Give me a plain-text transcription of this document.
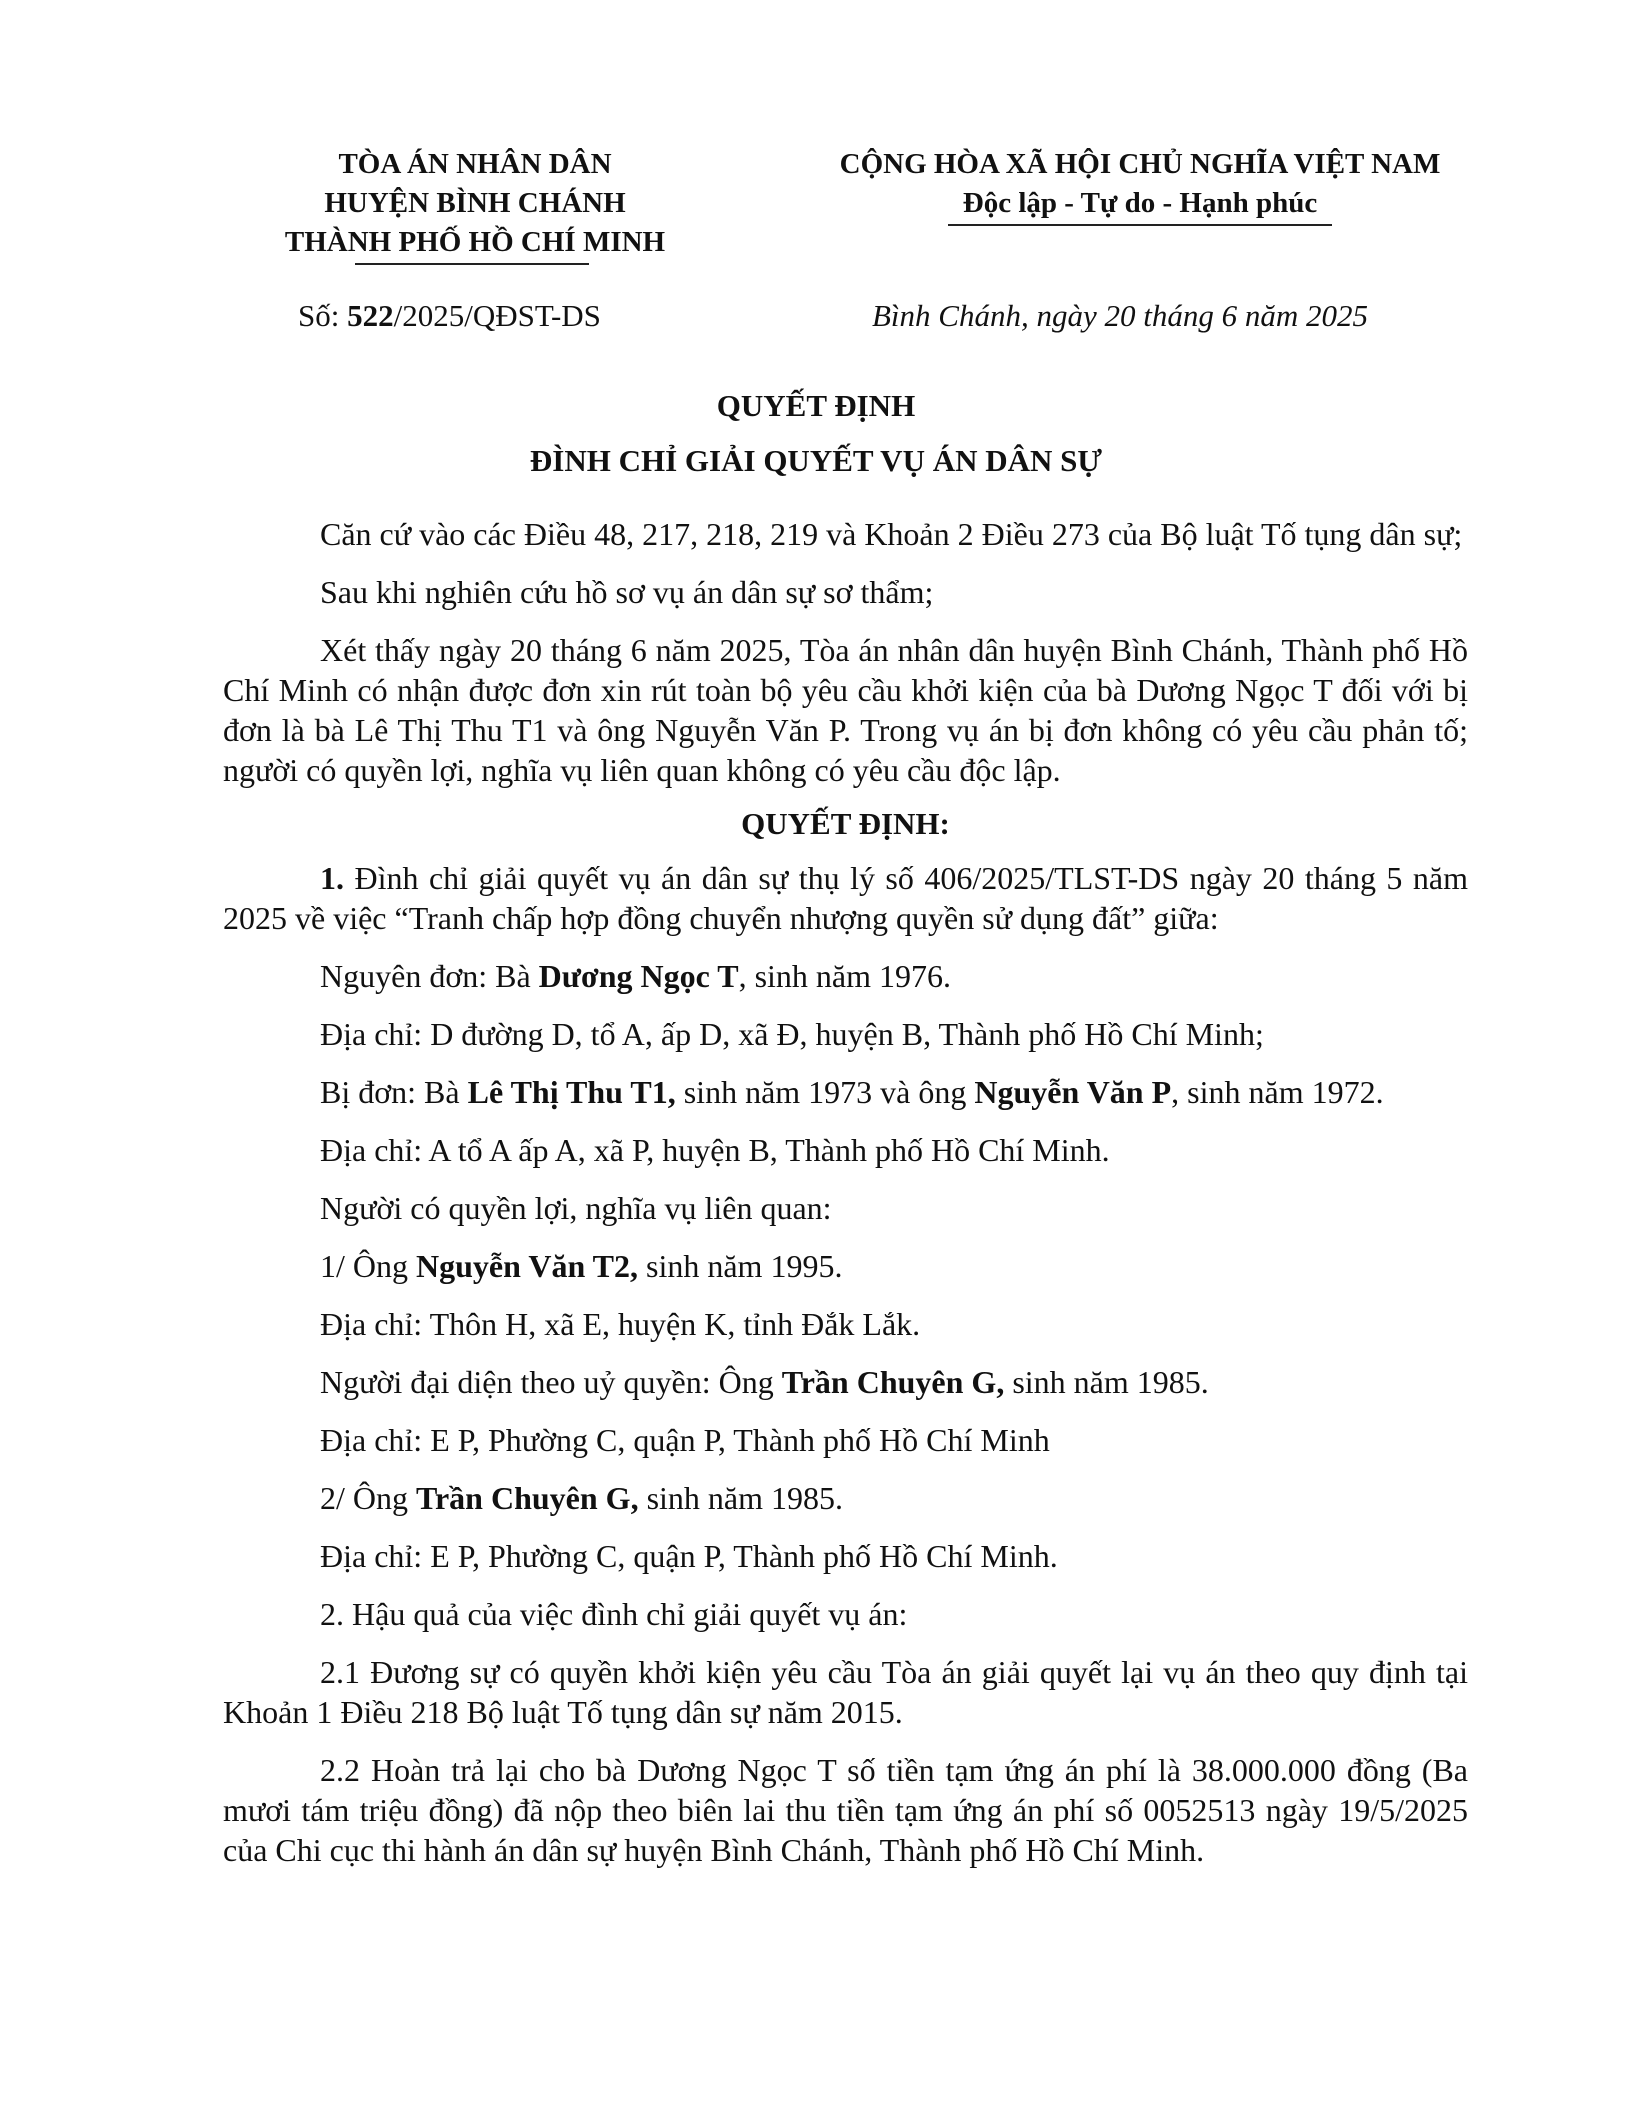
TÒA ÁN NHÂN DÂN
HUYỆN BÌNH CHÁNH
THÀNH PHỐ HỒ CHÍ MINH
CỘNG HÒA XÃ HỘI CHỦ NGHĨA VIỆT NAM
Độc lập - Tự do - Hạnh phúc
Số: 522/2025/QĐST-DS	Bình Chánh, ngày 20 tháng 6 năm 2025
QUYẾT ĐỊNH
ĐÌNH CHỈ GIẢI QUYẾT VỤ ÁN DÂN SỰ

Căn cứ vào các Điều 48, 217, 218, 219 và Khoản 2 Điều 273 của Bộ luật Tố tụng dân sự;

Sau khi nghiên cứu hồ sơ vụ án dân sự sơ thẩm;

Xét thấy ngày 20 tháng 6 năm 2025, Tòa án nhân dân huyện Bình Chánh, Thành phố Hồ Chí Minh có nhận được đơn xin rút toàn bộ yêu cầu khởi kiện của bà Dương Ngọc T đối với bị đơn là bà Lê Thị Thu T1 và ông Nguyễn Văn P. Trong vụ án bị đơn không có yêu cầu phản tố; người có quyền lợi, nghĩa vụ liên quan không có yêu cầu độc lập.

QUYẾT ĐỊNH:

1. Đình chỉ giải quyết vụ án dân sự thụ lý số 406/2025/TLST-DS ngày 20 tháng 5 năm 2025 về việc “Tranh chấp hợp đồng chuyển nhượng quyền sử dụng đất” giữa:

Nguyên đơn: Bà Dương Ngọc T, sinh năm 1976.

Địa chỉ: D đường D, tổ A, ấp D, xã Đ, huyện B, Thành phố Hồ Chí Minh;

Bị đơn: Bà Lê Thị Thu T1, sinh năm 1973 và ông Nguyễn Văn P, sinh năm 1972.

Địa chỉ: A tổ A ấp A, xã P, huyện B, Thành phố Hồ Chí Minh.

Người có quyền lợi, nghĩa vụ liên quan:

1/ Ông Nguyễn Văn T2, sinh năm 1995.

Địa chỉ: Thôn H, xã E, huyện K, tỉnh Đắk Lắk.

Người đại diện theo uỷ quyền: Ông Trần Chuyên G, sinh năm 1985.

Địa chỉ: E P, Phường C, quận P, Thành phố Hồ Chí Minh

2/ Ông Trần Chuyên G, sinh năm 1985.

Địa chỉ: E P, Phường C, quận P, Thành phố Hồ Chí Minh.

2. Hậu quả của việc đình chỉ giải quyết vụ án:

2.1 Đương sự có quyền khởi kiện yêu cầu Tòa án giải quyết lại vụ án theo quy định tại Khoản 1 Điều 218 Bộ luật Tố tụng dân sự năm 2015.

2.2 Hoàn trả lại cho bà Dương Ngọc T số tiền tạm ứng án phí là 38.000.000 đồng (Ba mươi tám triệu đồng) đã nộp theo biên lai thu tiền tạm ứng án phí số 0052513 ngày 19/5/2025 của Chi cục thi hành án dân sự huyện Bình Chánh, Thành phố Hồ Chí Minh.
